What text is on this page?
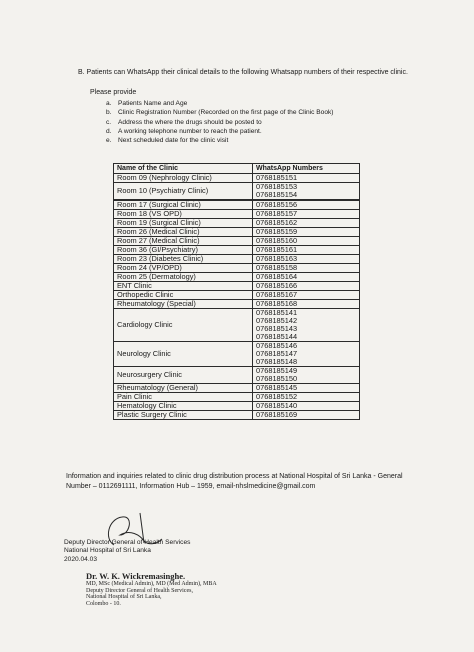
B. Patients can WhatsApp their clinical details to the following Whatsapp numbers of their respective clinic.
Please provide
a. Patients Name and Age
b. Clinic Registration Number (Recorded on the first page of the Clinic Book)
c. Address the where the drugs should be posted to
d. A working telephone number to reach the patient.
e. Next scheduled date for the clinic visit
Name of the Clinic	WhatsApp Numbers
Room 09 (Nephrology Clinic)	0768185151

Room 10 (Psychiatry Clinic)	0768185153
0768185154

Room 17 (Surgical Clinic)	0768185156

Room 18 (VS OPD)	0768185157

Room 19 (Surgical Clinic)	0768185162

Room 26 (Medical Clinic)	0768185159

Room 27 (Medical Clinic)	0768185160

Room 36 (GI/Psychiatry)	0768185161

Room 23 (Diabetes Clinic)	0768185163

Room 24 (VP/OPD)	0768185158

Room 25 (Dermatology)	0768185164

ENT Clinic	0768185166

Orthopedic Clinic	0768185167

Rheumatology (Special)	0768185168

Cardiology Clinic	0768185141
0768185142
0768185143
0768185144

Neurology Clinic	0768185146
0768185147
0768185148

Neurosurgery Clinic	0768185149
0768185150

Rheumatology (General)	0768185145

Pain Clinic	0768185152

Hematology Clinic	0768185140

Plastic Surgery Clinic	0768185169
Information and inquiries related to clinic drug distribution process at National Hospital of Sri Lanka - General Number – 0112691111, Information Hub – 1959, email-nhslmedicine@gmail.com
Deputy Director General of Health Services
National Hospital of Sri Lanka
2020.04.03
Dr. W. K. Wickremasinghe.
MD, MSc (Medical Admin), MD (Med Admin), MBA
Deputy Director General of Health Services,
National Hospital of Sri Lanka,
Colombo - 10.
